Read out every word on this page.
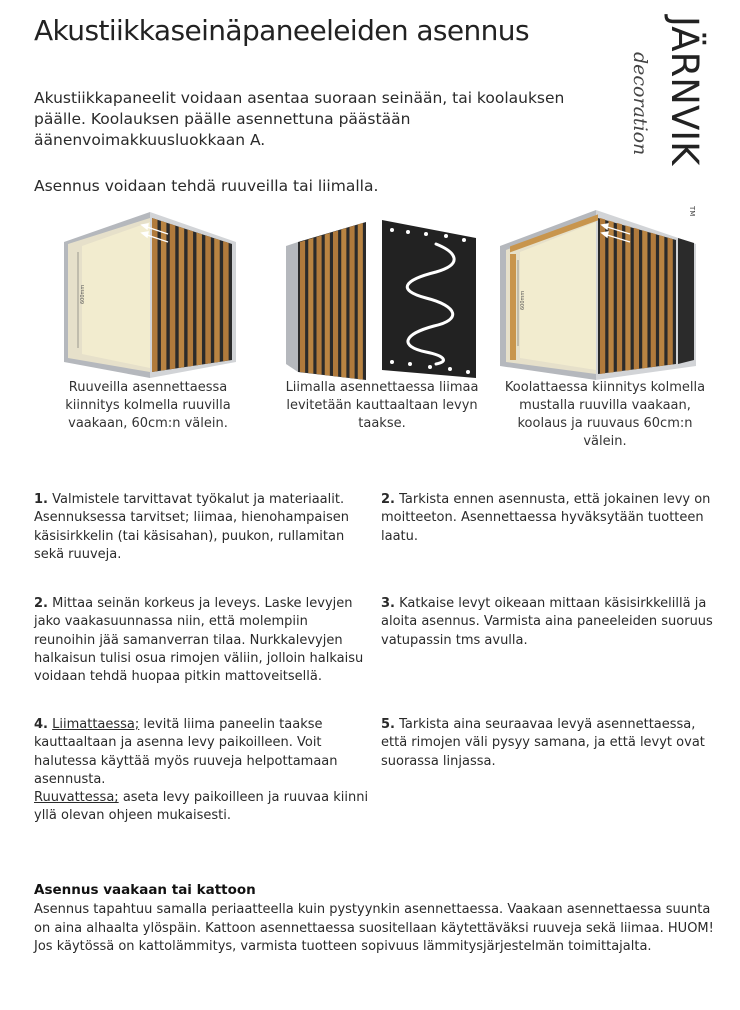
Akustiikkaseinäpaneeleiden asennus	JÄRNVIK
decoration
TM
Akustiikkapaneelit voidaan asentaa suoraan seinään, tai koolauksen päälle. Koolauksen päälle asennettuna päästään äänenvoimakkuusluokkaan A.
Asennus voidaan tehdä ruuveilla tai liimalla.
600mm
Ruuveilla asennettaessa kiinnitys kolmella ruuvilla vaakaan, 60cm:n välein.
Liimalla asennettaessa liimaa levitetään kauttaaltaan levyn taakse.
600mm
Koolattaessa kiinnitys kolmella mustalla ruuvilla vaakaan, koolaus ja ruuvaus 60cm:n välein.
1. Valmistele tarvittavat työkalut ja materiaalit. Asennuksessa tarvitset; liimaa, hienohampaisen käsisirkkelin (tai käsisahan), puukon, rullamitan sekä ruuveja.
2. Tarkista ennen asennusta, että jokainen levy on moitteeton. Asennettaessa hyväksytään tuotteen laatu.
2. Mittaa seinän korkeus ja leveys. Laske levyjen jako vaakasuunnassa niin, että molempiin reunoihin jää samanverran tilaa. Nurkkalevyjen halkaisun tulisi osua rimojen väliin, jolloin halkaisu voidaan tehdä huopaa pitkin mattoveitsellä.
3. Katkaise levyt oikeaan mittaan käsisirkkelillä ja aloita asennus. Varmista aina paneeleiden suoruus vatupassin tms avulla.
4. Liimattaessa; levitä liima paneelin taakse kauttaaltaan ja asenna levy paikoilleen. Voit halutessa käyttää myös ruuveja helpottamaan asennusta.
Ruuvattessa; aseta levy paikoilleen ja ruuvaa kiinni yllä olevan ohjeen mukaisesti.
5. Tarkista aina seuraavaa levyä asennettaessa, että rimojen väli pysyy samana, ja että levyt ovat suorassa linjassa.
Asennus vaakaan tai kattoon
Asennus tapahtuu samalla periaatteella kuin pystyynkin asennettaessa. Vaakaan asennettaessa suunta on aina alhaalta ylöspäin. Kattoon asennettaessa suositellaan käytettäväksi ruuveja sekä liimaa. HUOM! Jos käytössä on kattolämmitys, varmista tuotteen sopivuus lämmitysjärjestelmän toimittajalta.
